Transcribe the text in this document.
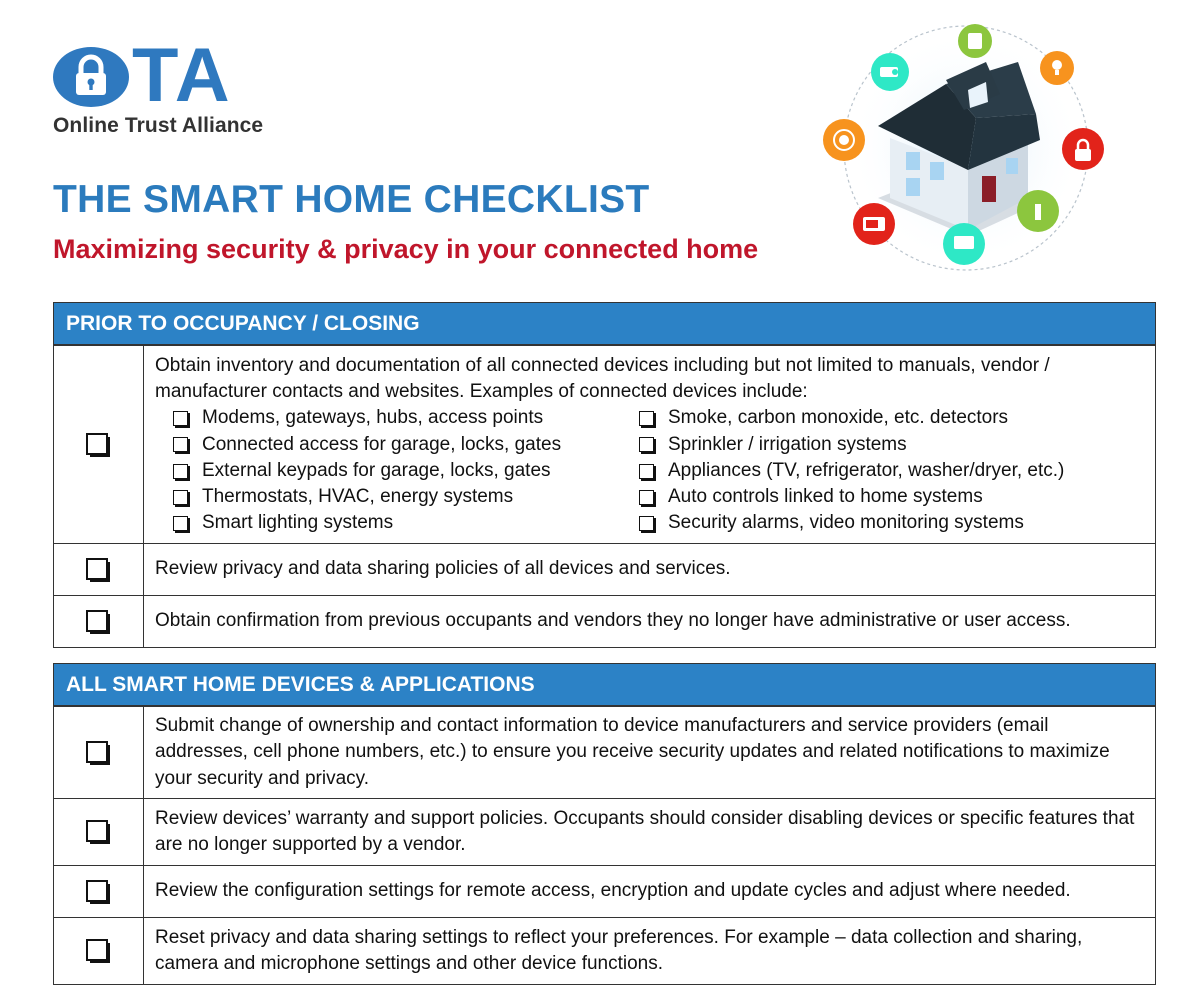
TA
Online Trust Alliance
THE SMART HOME CHECKLIST
Maximizing security & privacy in your connected home
PRIOR TO OCCUPANCY / CLOSING
Obtain inventory and documentation of all connected devices including but not limited to manuals, vendor / manufacturer contacts and websites. Examples of connected devices include:
Modems, gateways, hubs, access points
Connected access for garage, locks, gates
External keypads for garage, locks, gates
Thermostats, HVAC, energy systems
Smart lighting systems
Smoke, carbon monoxide, etc. detectors
Sprinkler / irrigation systems
Appliances (TV, refrigerator, washer/dryer, etc.)
Auto controls linked to home systems
Security alarms, video monitoring systems
Review privacy and data sharing policies of all devices and services.
Obtain confirmation from previous occupants and vendors they no longer have administrative or user access.
ALL SMART HOME DEVICES & APPLICATIONS
Submit change of ownership and contact information to device manufacturers and service providers (email addresses, cell phone numbers, etc.) to ensure you receive security updates and related notifications to maximize your security and privacy.
Review devices’ warranty and support policies. Occupants should consider disabling devices or specific features that are no longer supported by a vendor.
Review the configuration settings for remote access, encryption and update cycles and adjust where needed.
Reset privacy and data sharing settings to reflect your preferences. For example – data collection and sharing, camera and microphone settings and other device functions.
